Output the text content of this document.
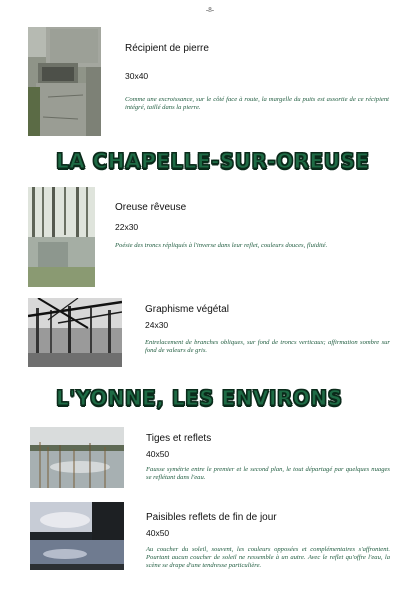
-8-
Récipient de pierre
30x40
Comme une excroissance, sur le côté face à route, la margelle du puits est assortie de ce récipient intégré, taillé dans la pierre.
LA CHAPELLE-SUR-OREUSE
Oreuse rêveuse
22x30
Poésie des troncs répliqués à l'inverse dans leur reflet, couleurs douces, fluidité.
Graphisme végétal
24x30
Entrelacement de branches obliques, sur fond de troncs verticaux; affirmation sombre sur fond de valeurs de gris.
L'YONNE, LES ENVIRONS
Tiges et reflets
40x50
Fausse symétrie entre le premier et le second plan, le tout départagé par quelques nuages se reflétant dans l'eau.
Paisibles reflets de fin de jour
40x50
Au coucher du soleil, souvent, les couleurs opposées et complémentaires s'affrontent. Pourtant aucun coucher de soleil ne ressemble à un autre. Avec le reflet qu'offre l'eau, la scène se drape d'une tendresse particulière.
